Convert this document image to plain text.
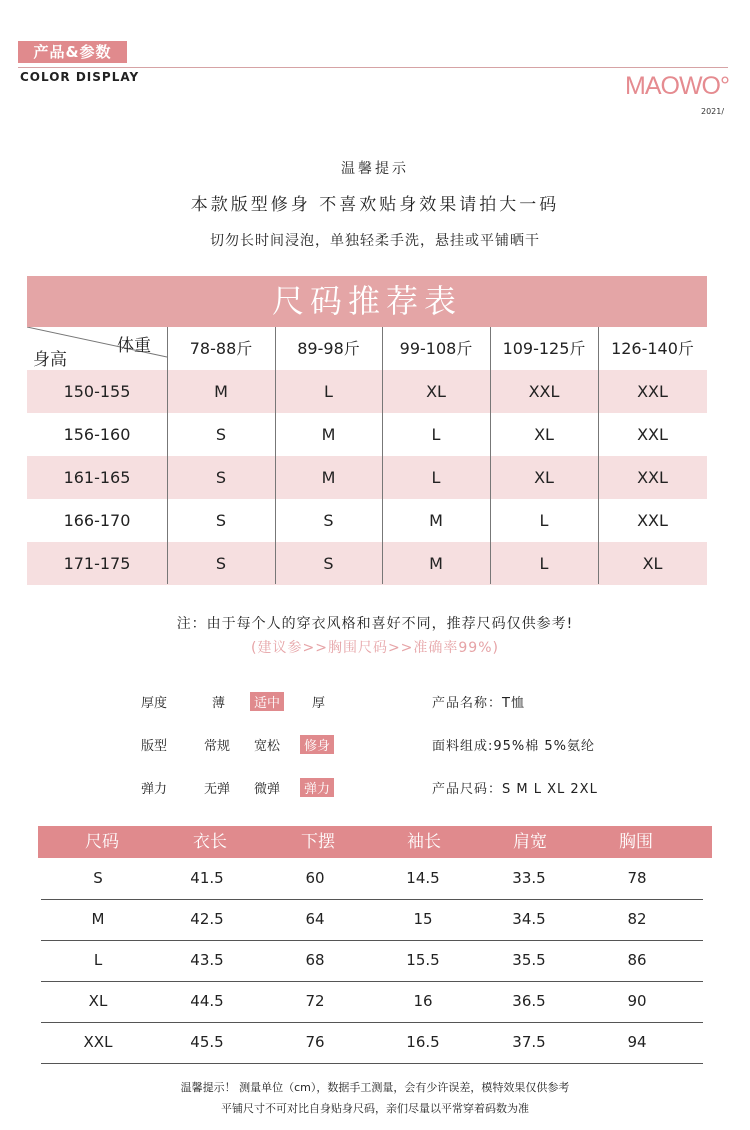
产品&参数
COLOR DISPLAY	MAOWO°
2021/
温馨提示
本款版型修身 不喜欢贴身效果请拍大一码
切勿长时间浸泡，单独轻柔手洗，悬挂或平铺晒干
尺码推荐表
体重
身高
78-88斤	89-98斤	99-108斤	109-125斤	126-140斤
150-155	M	L	XL	XXL	XXL
156-160	S	M	L	XL	XXL
161-165	S	M	L	XL	XXL
166-170	S	S	M	L	XXL
171-175	S	S	M	L	XL
注：由于每个人的穿衣风格和喜好不同，推荐尺码仅供参考!
(建议参>>胸围尺码>>准确率99%)
厚度	薄	适中	厚
版型	常规 宽松	修身
弹力	无弹 微弹	弹力
产品名称：T恤
面料组成:95%棉 5%氨纶
产品尺码：S M L XL 2XL
尺码	衣长	下摆	袖长	肩宽	胸围
S	41.5	60	14.5	33.5	78
M	42.5	64	15	34.5	82
L	43.5	68	15.5	35.5	86
XL	44.5	72	16	36.5	90
XXL	45.5	76	16.5	37.5	94
温馨提示！ 测量单位（cm），数据手工测量，会有少许误差，模特效果仅供参考
平铺尺寸不可对比自身贴身尺码，亲们尽量以平常穿着码数为准
